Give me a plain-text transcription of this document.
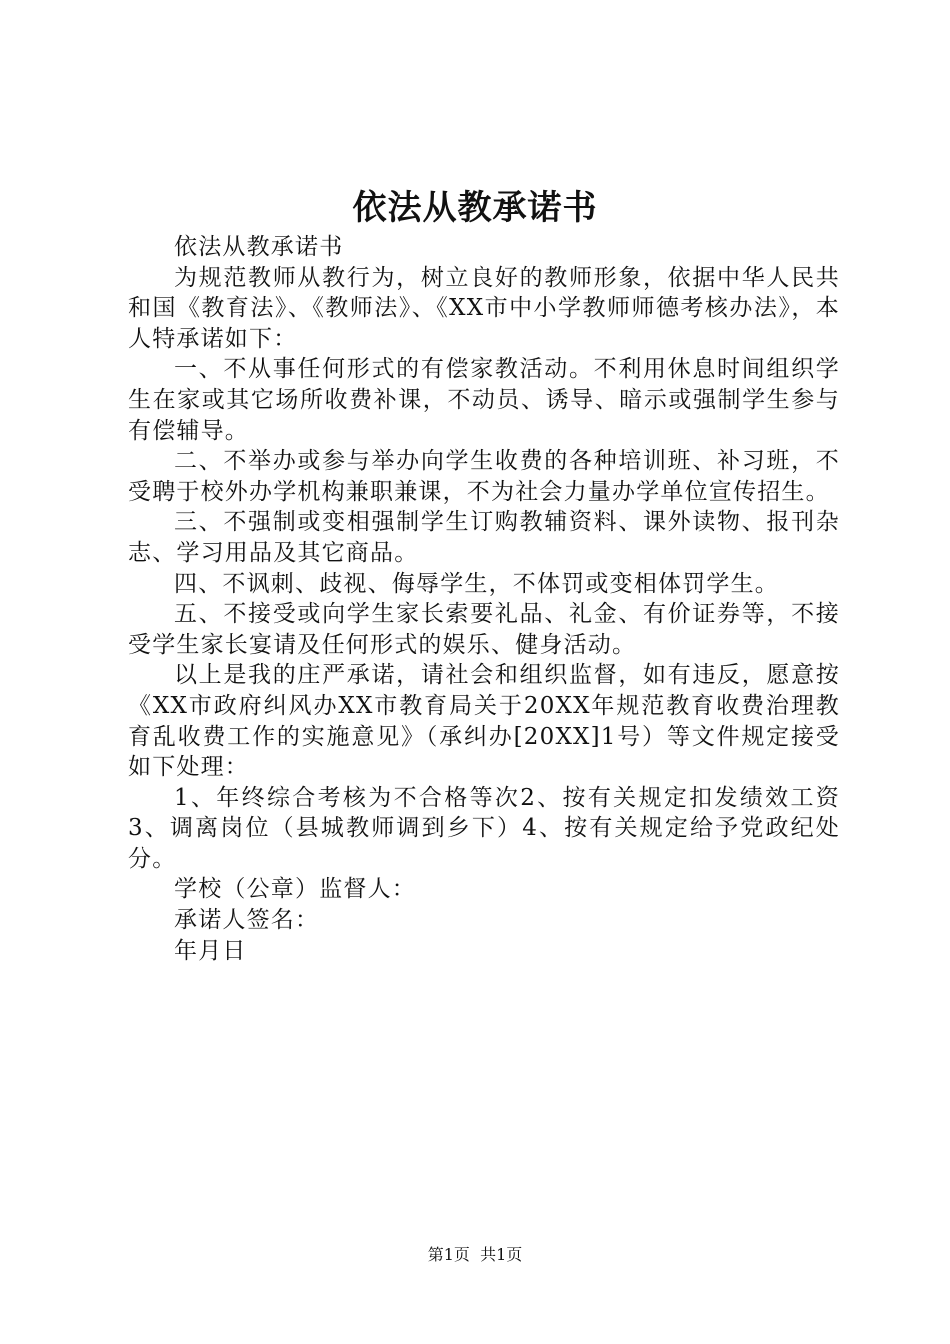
依法从教承诺书

依法从教承诺书

为规范教师从教行为，树立良好的教师形象，依据中华人民共和国《教育法》、《教师法》、《XX市中小学教师师德考核办法》，本人特承诺如下：

一、不从事任何形式的有偿家教活动。不利用休息时间组织学生在家或其它场所收费补课，不动员、诱导、暗示或强制学生参与有偿辅导。

二、不举办或参与举办向学生收费的各种培训班、补习班，不受聘于校外办学机构兼职兼课，不为社会力量办学单位宣传招生。

三、不强制或变相强制学生订购教辅资料、课外读物、报刊杂志、学习用品及其它商品。

四、不讽刺、歧视、侮辱学生，不体罚或变相体罚学生。

五、不接受或向学生家长索要礼品、礼金、有价证券等，不接受学生家长宴请及任何形式的娱乐、健身活动。

以上是我的庄严承诺，请社会和组织监督，如有违反，愿意按《XX市政府纠风办XX市教育局关于20XX年规范教育收费治理教育乱收费工作的实施意见》（承纠办[20XX]1号）等文件规定接受如下处理：

1、年终综合考核为不合格等次2、按有关规定扣发绩效工资3、调离岗位（县城教师调到乡下）4、按有关规定给予党政纪处分。

学校（公章）监督人：

承诺人签名：

年月日

第1页  共1页
